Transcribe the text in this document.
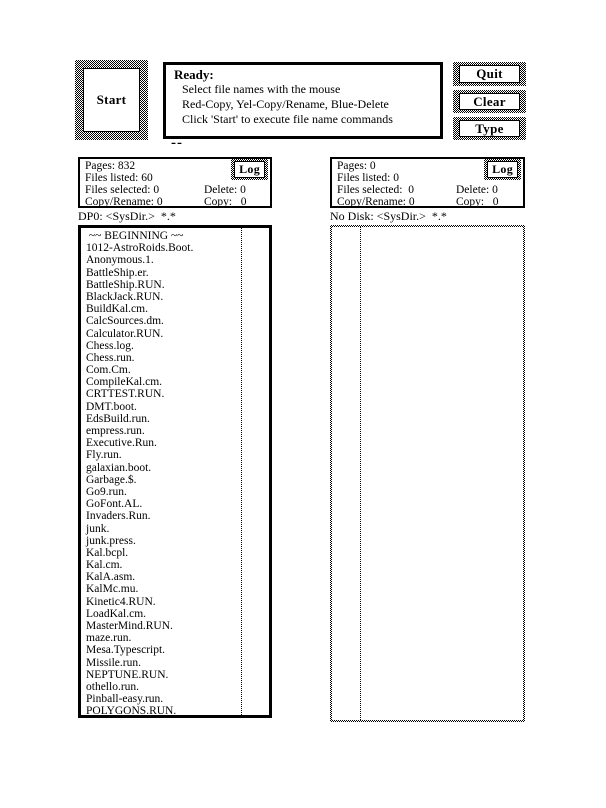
Start
Ready:
Select file names with the mouse
Red-Copy, Yel-Copy/Rename, Blue-Delete
Click 'Start' to execute file name commands
Quit
Clear
Type
--
Pages: 832
Files listed: 60
Files selected: 0	Delete: 0
Copy/Rename: 0	Copy:   0
Log	Pages: 0
Files listed: 0
Files selected:  0	Delete: 0
Copy/Rename: 0	Copy:   0
Log
DP0: <SysDir.>  *.*	No Disk: <SysDir.>  *.*
~~ BEGINNING ~~
1012-AstroRoids.Boot.
Anonymous.1.
BattleShip.er.
BattleShip.RUN.
BlackJack.RUN.
BuildKal.cm.
CalcSources.dm.
Calculator.RUN.
Chess.log.
Chess.run.
Com.Cm.
CompileKal.cm.
CRTTEST.RUN.
DMT.boot.
EdsBuild.run.
empress.run.
Executive.Run.
Fly.run.
galaxian.boot.
Garbage.$.
Go9.run.
GoFont.AL.
Invaders.Run.
junk.
junk.press.
Kal.bcpl.
Kal.cm.
KalA.asm.
KalMc.mu.
Kinetic4.RUN.
LoadKal.cm.
MasterMind.RUN.
maze.run.
Mesa.Typescript.
Missile.run.
NEPTUNE.RUN.
othello.run.
Pinball-easy.run.
POLYGONS.RUN.
